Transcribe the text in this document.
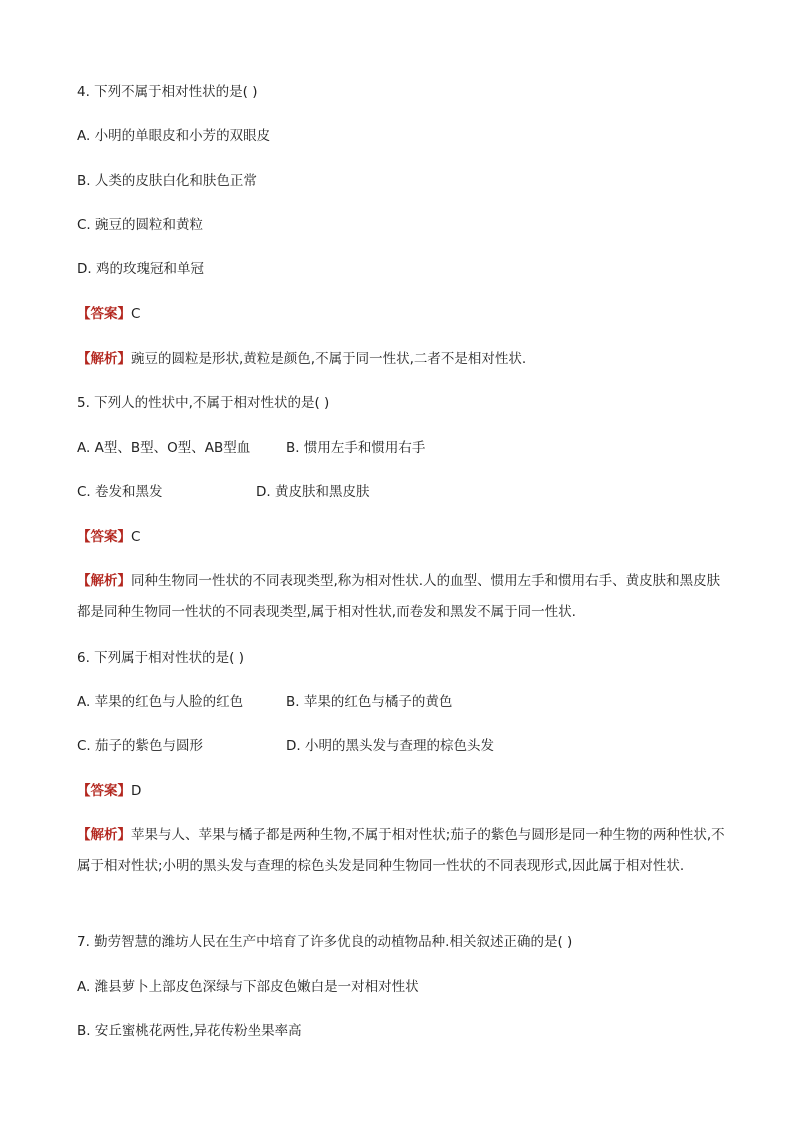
4. 下列不属于相对性状的是( )
A. 小明的单眼皮和小芳的双眼皮
B. 人类的皮肤白化和肤色正常
C. 豌豆的圆粒和黄粒
D. 鸡的玫瑰冠和单冠
【答案】C
【解析】豌豆的圆粒是形状,黄粒是颜色,不属于同一性状,二者不是相对性状.
5. 下列人的性状中,不属于相对性状的是( )
A. A型、B型、O型、AB型血	B. 惯用左手和惯用右手
C. 卷发和黑发	D. 黄皮肤和黑皮肤
【答案】C
【解析】同种生物同一性状的不同表现类型,称为相对性状.人的血型、惯用左手和惯用右手、黄皮肤和黑皮肤都是同种生物同一性状的不同表现类型,属于相对性状,而卷发和黑发不属于同一性状.
6. 下列属于相对性状的是( )
A. 苹果的红色与人脸的红色	B. 苹果的红色与橘子的黄色
C. 茄子的紫色与圆形	D. 小明的黑头发与查理的棕色头发
【答案】D
【解析】苹果与人、苹果与橘子都是两种生物,不属于相对性状;茄子的紫色与圆形是同一种生物的两种性状,不属于相对性状;小明的黑头发与查理的棕色头发是同种生物同一性状的不同表现形式,因此属于相对性状.
7. 勤劳智慧的潍坊人民在生产中培育了许多优良的动植物品种.相关叙述正确的是( )
A. 潍县萝卜上部皮色深绿与下部皮色嫩白是一对相对性状
B. 安丘蜜桃花两性,异花传粉坐果率高
